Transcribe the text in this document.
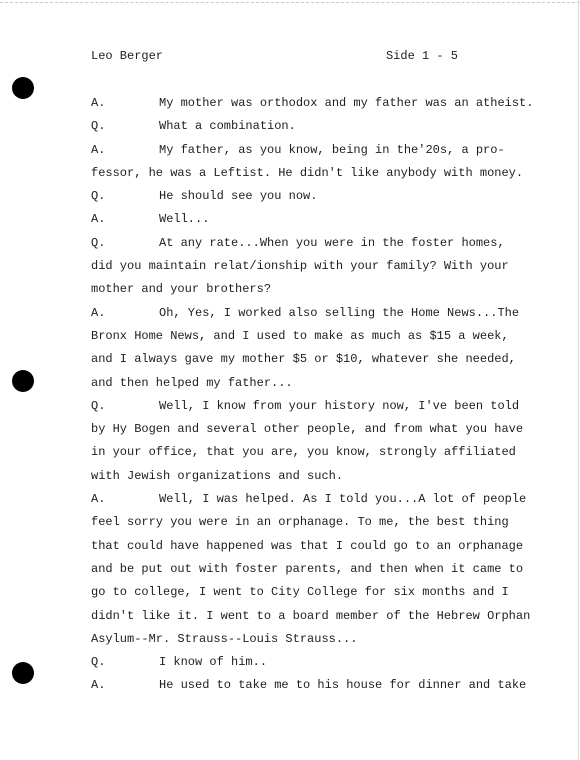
Leo Berger	Side 1 - 5
A.	My mother was orthodox and my father was an atheist.
Q.	What a combination.
A.	My father, as you know, being in the'20s, a pro-
fessor, he was a Leftist. He didn't like anybody with money.
Q.	He should see you now.
A.	Well...
Q.	At any rate...When you were in the foster homes,
did you maintain relat/ionship with your family? With your
mother and your brothers?
A.	Oh, Yes, I worked also selling the Home News...The
Bronx Home News, and I used to make as much as $15 a week,
and I always gave my mother $5 or $10, whatever she needed,
and then helped my father...
Q.	Well, I know from your history now, I've been told
by Hy Bogen and several other people, and from what you have
in your office, that you are, you know, strongly affiliated
with Jewish organizations and such.
A.	Well, I was helped. As I told you...A lot of people
feel sorry you were in an orphanage. To me, the best thing
that could have happened was that I could go to an orphanage
and be put out with foster parents, and then when it came to
go to college, I went to City College for six months and I
didn't like it. I went to a board member of the Hebrew Orphan
Asylum--Mr. Strauss--Louis Strauss...
Q.	I know of him..
A.	He used to take me to his house for dinner and take
